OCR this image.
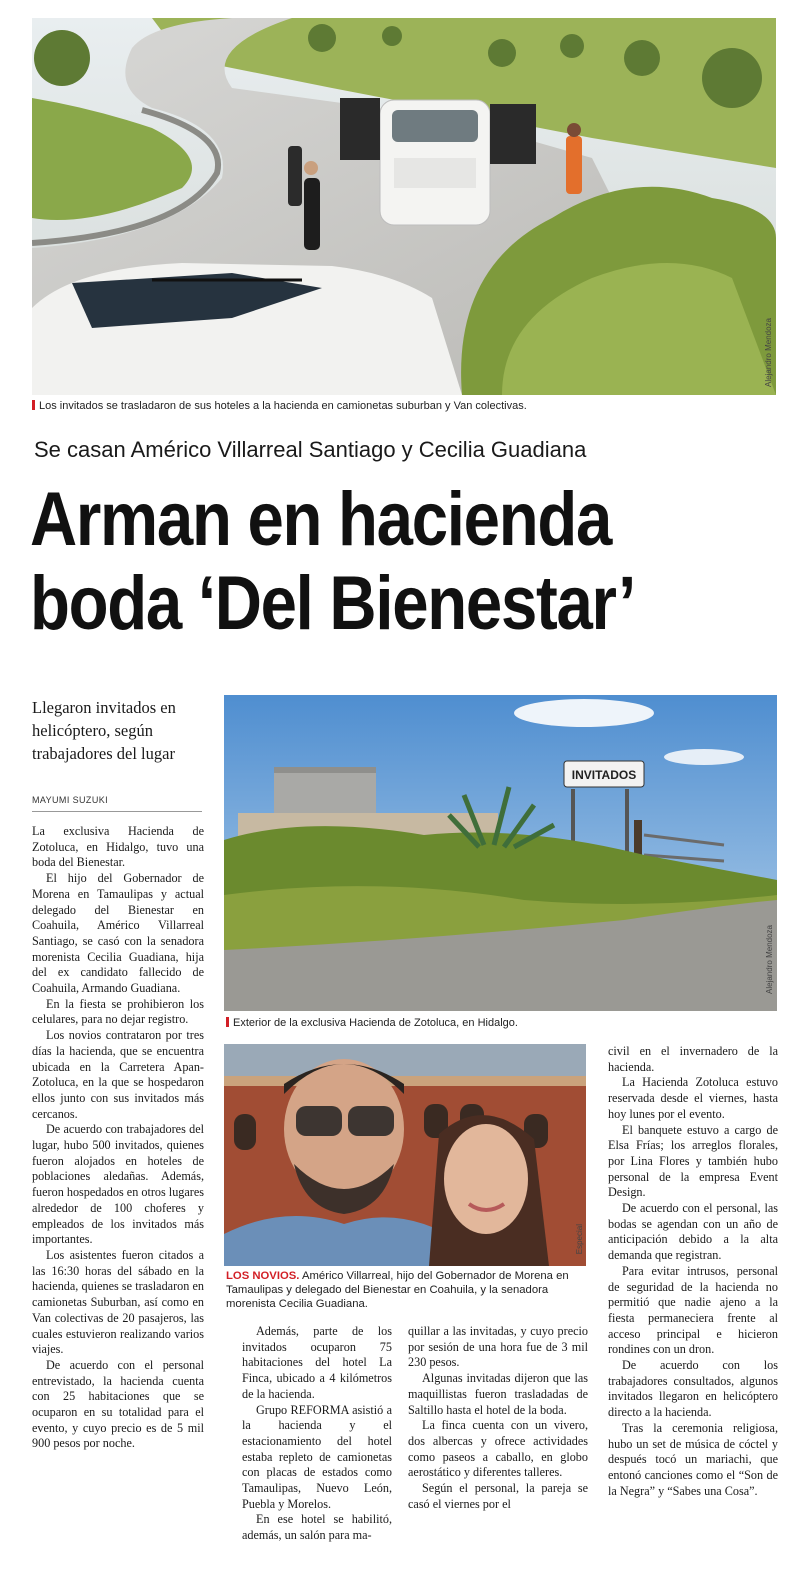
Alejandro Mendoza
Los invitados se trasladaron de sus hoteles a la hacienda en camionetas suburban y Van colectivas.
Se casan Américo Villarreal Santiago y Cecilia Guadiana
Arman en hacienda
boda ‘Del Bienestar’
Llegaron invitados en helicóptero, según trabajadores del lugar
MAYUMI SUZUKI

La exclusiva Hacienda de Zotoluca, en Hidalgo, tuvo una boda del Bienestar.

El hijo del Gobernador de Morena en Tamaulipas y actual delegado del Bienestar en Coahuila, Américo Villarreal Santiago, se casó con la senadora morenista Cecilia Guadiana, hija del ex candidato fallecido de Coahuila, Armando Guadiana.

En la fiesta se prohibieron los celulares, para no dejar registro.

Los novios contrataron por tres días la hacienda, que se encuentra ubicada en la Carretera Apan-Zotoluca, en la que se hospedaron ellos junto con sus invitados más cercanos.

De acuerdo con trabajadores del lugar, hubo 500 invitados, quienes fueron alojados en hoteles de poblaciones aledañas. Además, fueron hospedados en otros lugares alrededor de 100 choferes y empleados de los invitados más importantes.

Los asistentes fueron citados a las 16:30 horas del sábado en la hacienda, quienes se trasladaron en camionetas Suburban, así como en Van colectivas de 20 pasajeros, las cuales estuvieron realizando varios viajes.

De acuerdo con el personal entrevistado, la hacienda cuenta con 25 habitaciones que se ocuparon en su totalidad para el evento, y cuyo precio es de 5 mil 900 pesos por noche.

INVITADOS
Alejandro Mendoza
Exterior de la exclusiva Hacienda de Zotoluca, en Hidalgo.
Especial
LOS NOVIOS. Américo Villarreal, hijo del Gobernador de Morena en Tamaulipas y delegado del Bienestar en Coahuila, y la senadora morenista Cecilia Guadiana.

Además, parte de los invitados ocuparon 75 habitaciones del hotel La Finca, ubicado a 4 kilómetros de la hacienda.

Grupo REFORMA asistió a la hacienda y el estacionamiento del hotel estaba repleto de camionetas con placas de estados como Tamaulipas, Nuevo León, Puebla y Morelos.

En ese hotel se habilitó, además, un salón para ma-

quillar a las invitadas, y cuyo precio por sesión de una hora fue de 3 mil 230 pesos.

Algunas invitadas dijeron que las maquillistas fueron trasladadas de Saltillo hasta el hotel de la boda.

La finca cuenta con un vivero, dos albercas y ofrece actividades como paseos a caballo, en globo aerostático y diferentes talleres.

Según el personal, la pareja se casó el viernes por el

civil en el invernadero de la hacienda.

La Hacienda Zotoluca estuvo reservada desde el viernes, hasta hoy lunes por el evento.

El banquete estuvo a cargo de Elsa Frías; los arreglos florales, por Lina Flores y también hubo personal de la empresa Event Design.

De acuerdo con el personal, las bodas se agendan con un año de anticipación debido a la alta demanda que registran.

Para evitar intrusos, personal de seguridad de la hacienda no permitió que nadie ajeno a la fiesta permaneciera frente al acceso principal e hicieron rondines con un dron.

De acuerdo con los trabajadores consultados, algunos invitados llegaron en helicóptero directo a la hacienda.

Tras la ceremonia religiosa, hubo un set de música de cóctel y después tocó un mariachi, que entonó canciones como el “Son de la Negra” y “Sabes una Cosa”.
